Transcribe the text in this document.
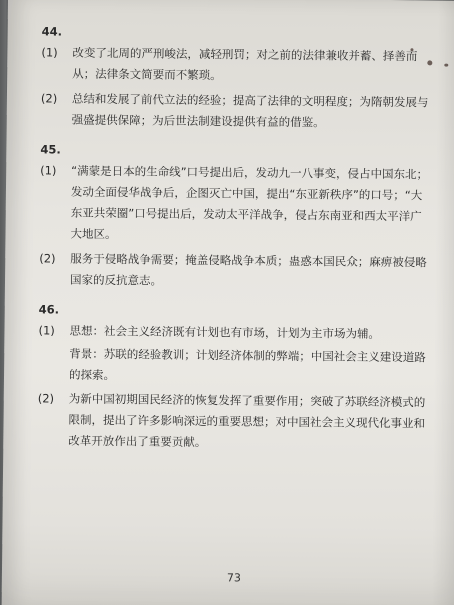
44.
(1)	改变了北周的严刑峻法，减轻刑罚；对之前的法律兼收并蓄、择善而从；法律条文简要而不繁琐。
(2)	总结和发展了前代立法的经验；提高了法律的文明程度；为隋朝发展与强盛提供保障；为后世法制建设提供有益的借鉴。
45.
(1)	“满蒙是日本的生命线”口号提出后，发动九一八事变，侵占中国东北；发动全面侵华战争后，企图灭亡中国，提出“东亚新秩序”的口号；“大东亚共荣圈”口号提出后，发动太平洋战争，侵占东南亚和西太平洋广大地区。
(2)	服务于侵略战争需要；掩盖侵略战争本质；蛊惑本国民众；麻痹被侵略国家的反抗意志。
46.
(1)	思想：社会主义经济既有计划也有市场，计划为主市场为辅。
背景：苏联的经验教训；计划经济体制的弊端；中国社会主义建设道路的探索。
(2)	为新中国初期国民经济的恢复发挥了重要作用；突破了苏联经济模式的限制，提出了许多影响深远的重要思想；对中国社会主义现代化事业和改革开放作出了重要贡献。
73
